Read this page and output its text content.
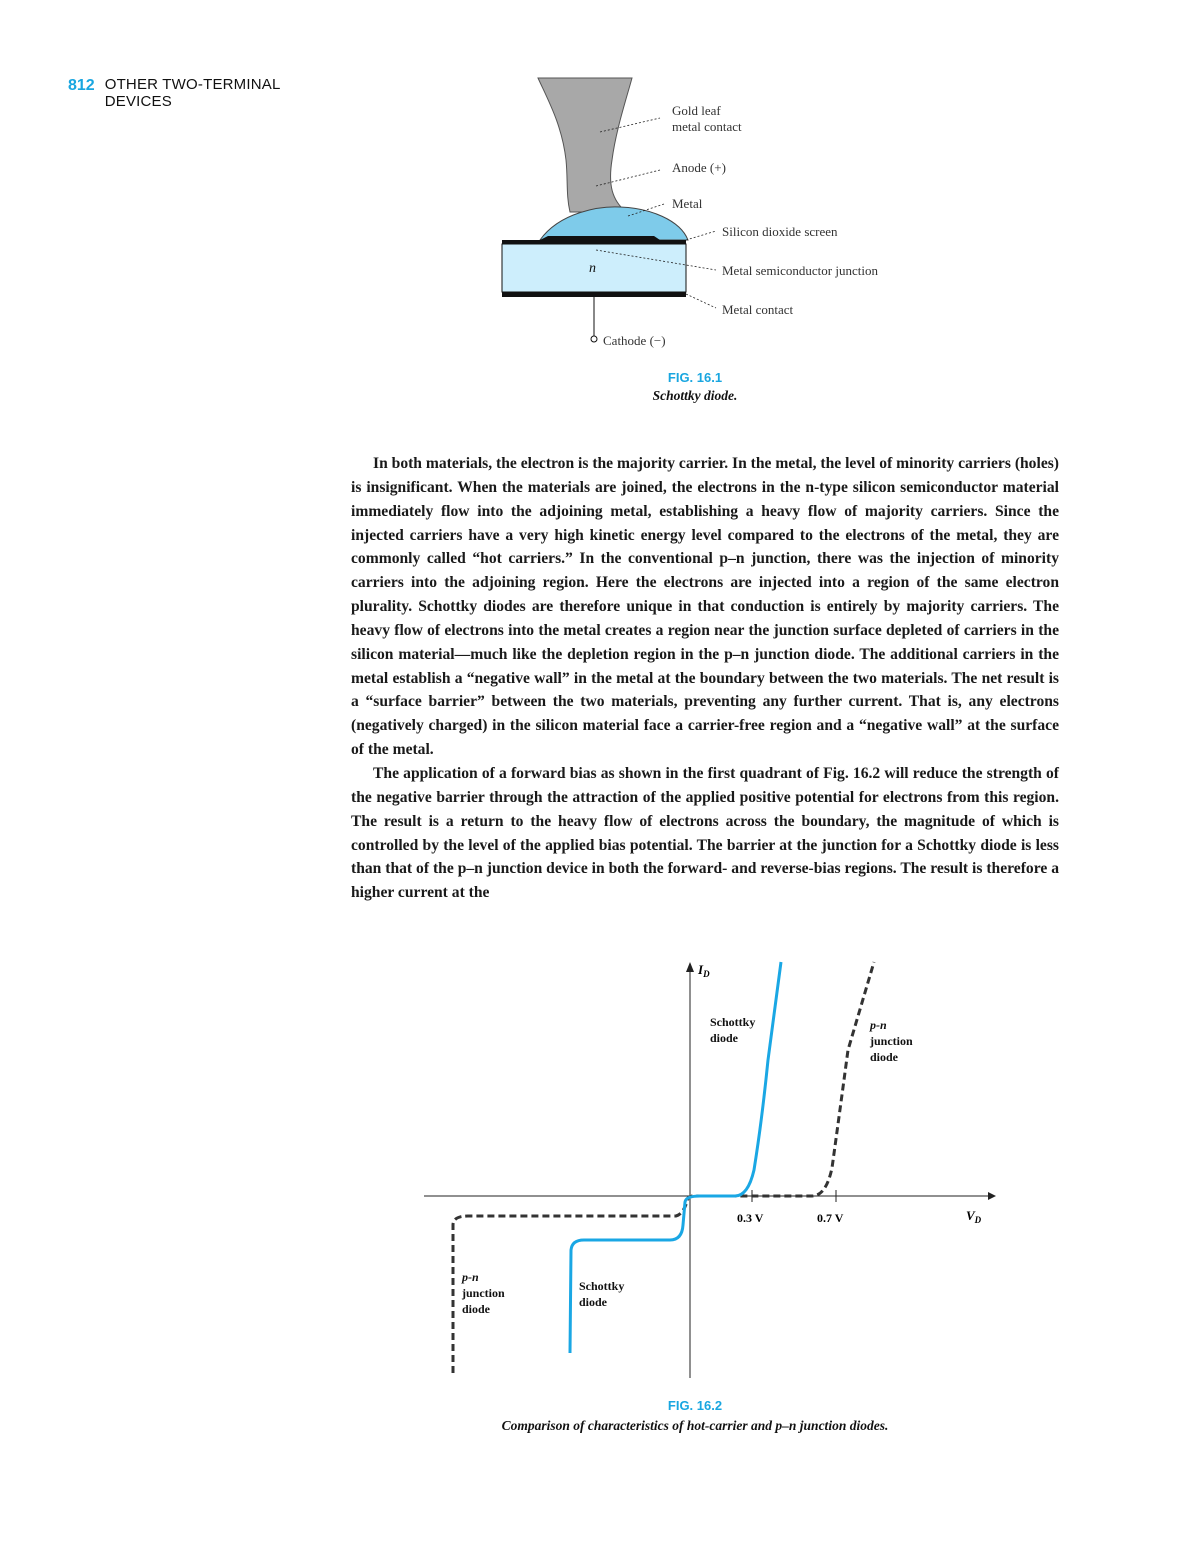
812 OTHER TWO-TERMINAL
DEVICES
Gold leaf
metal contact
Anode (+)
Metal
Silicon dioxide screen
Metal semiconductor junction
Metal contact
Cathode (−)
n
FIG. 16.1
Schottky diode.

In both materials, the electron is the majority carrier. In the metal, the level of minority carriers (holes) is insignificant. When the materials are joined, the electrons in the n-type silicon semiconductor material immediately flow into the adjoining metal, establishing a heavy flow of majority carriers. Since the injected carriers have a very high kinetic energy level compared to the electrons of the metal, they are commonly called “hot carriers.” In the conventional p–n junction, there was the injection of minority carriers into the adjoining region. Here the electrons are injected into a region of the same electron plurality. Schottky diodes are therefore unique in that conduction is entirely by majority carriers. The heavy flow of electrons into the metal creates a region near the junction surface depleted of carriers in the silicon material—much like the depletion region in the p–n junction diode. The additional carriers in the metal establish a “negative wall” in the metal at the boundary between the two materials. The net result is a “surface barrier” between the two materials, preventing any further current. That is, any electrons (negatively charged) in the silicon material face a carrier-free region and a “negative wall” at the surface of the metal.

The application of a forward bias as shown in the first quadrant of Fig. 16.2 will reduce the strength of the negative barrier through the attraction of the applied positive potential for electrons from this region. The result is a return to the heavy flow of electrons across the boundary, the magnitude of which is controlled by the level of the applied bias potential. The barrier at the junction for a Schottky diode is less than that of the p–n junction device in both the forward- and reverse-bias regions. The result is therefore a higher current at the

$I_D$
$V_D$
0.3 V	0.7 V
Schottky
diode
p-n
junction
diode
p-n
junction
diode
Schottky
diode
FIG. 16.2
Comparison of characteristics of hot-carrier and p–n junction diodes.
